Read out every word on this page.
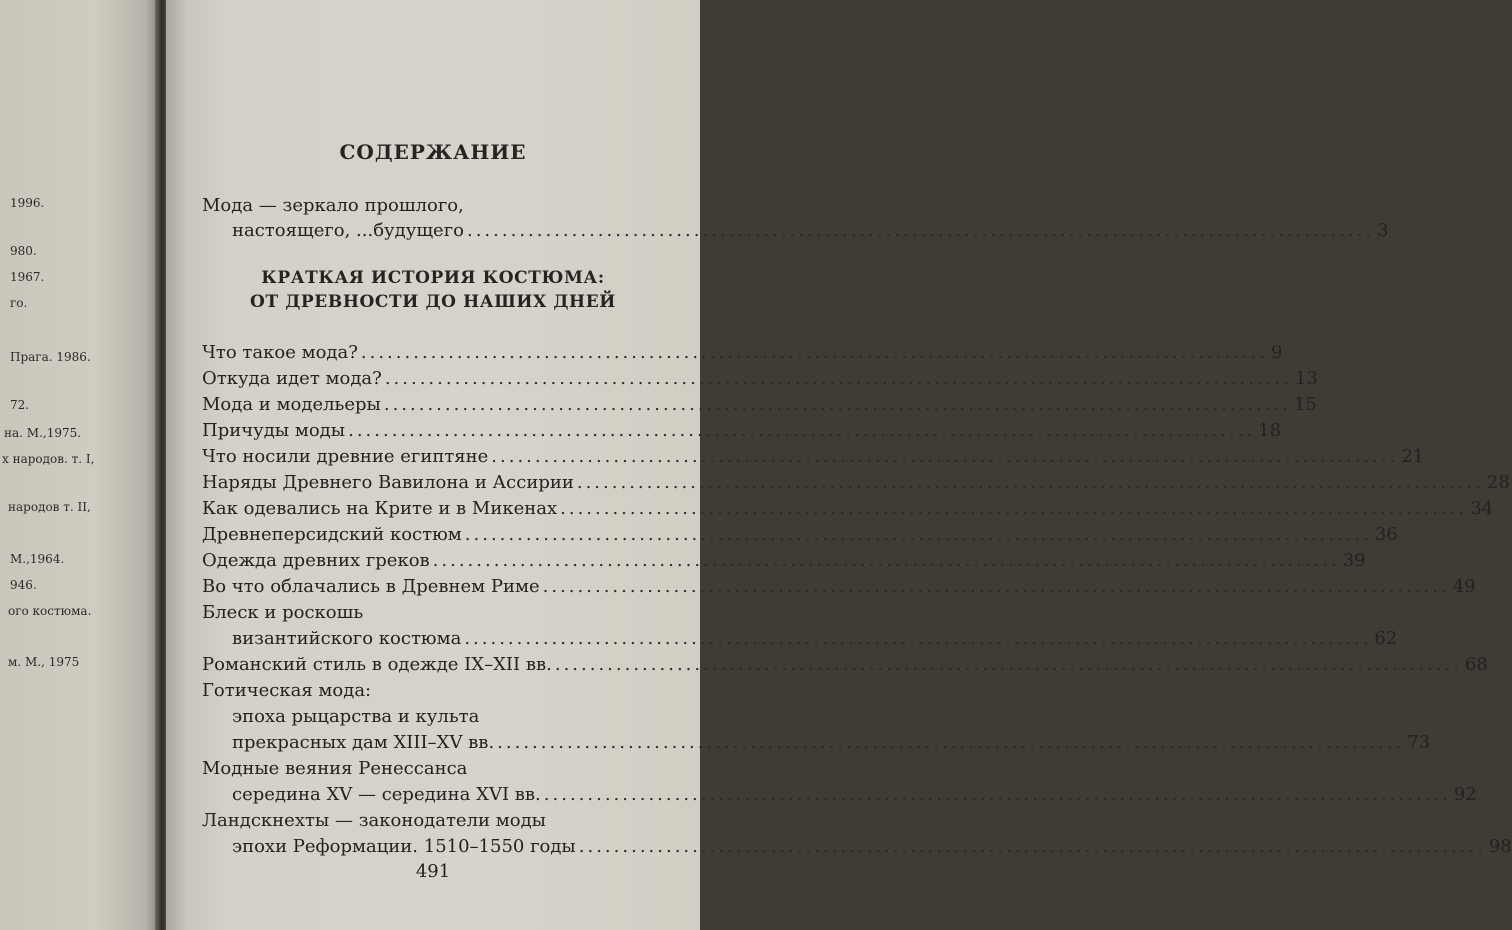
1996.
980.
1967.
го.
Прага. 1986.
72.
на. М.,1975.
х народов. т. I,
народов т. II,
М.,1964.
946.
ого костюма.
м. М., 1975
СОДЕРЖАНИЕ
Мода — зеркало прошлого,
настоящего, ...будущего ........................................................................................................ 3
КРАТКАЯ ИСТОРИЯ КОСТЮМА:
ОТ ДРЕВНОСТИ ДО НАШИХ ДНЕЙ
Что такое мода? ........................................................................................................ 9
Откуда идет мода? ........................................................................................................ 13
Мода и модельеры ........................................................................................................ 15
Причуды моды ........................................................................................................ 18
Что носили древние египтяне ........................................................................................................ 21
Наряды Древнего Вавилона и Ассирии ........................................................................................................ 28
Как одевались на Крите и в Микенах ........................................................................................................ 34
Древнеперсидский костюм ........................................................................................................ 36
Одежда древних греков ........................................................................................................ 39
Во что облачались в Древнем Риме ........................................................................................................ 49
Блеск и роскошь
византийского костюма ........................................................................................................ 62
Романский стиль в одежде IX–XII вв. ........................................................................................................ 68
Готическая мода:
эпоха рыцарства и культа
прекрасных дам XIII–XV вв. ........................................................................................................ 73
Модные веяния Ренессанса
середина XV — середина XVI вв. ........................................................................................................ 92
Ландскнехты — законодатели моды
эпохи Реформации. 1510–1550 годы ........................................................................................................ 98
491
